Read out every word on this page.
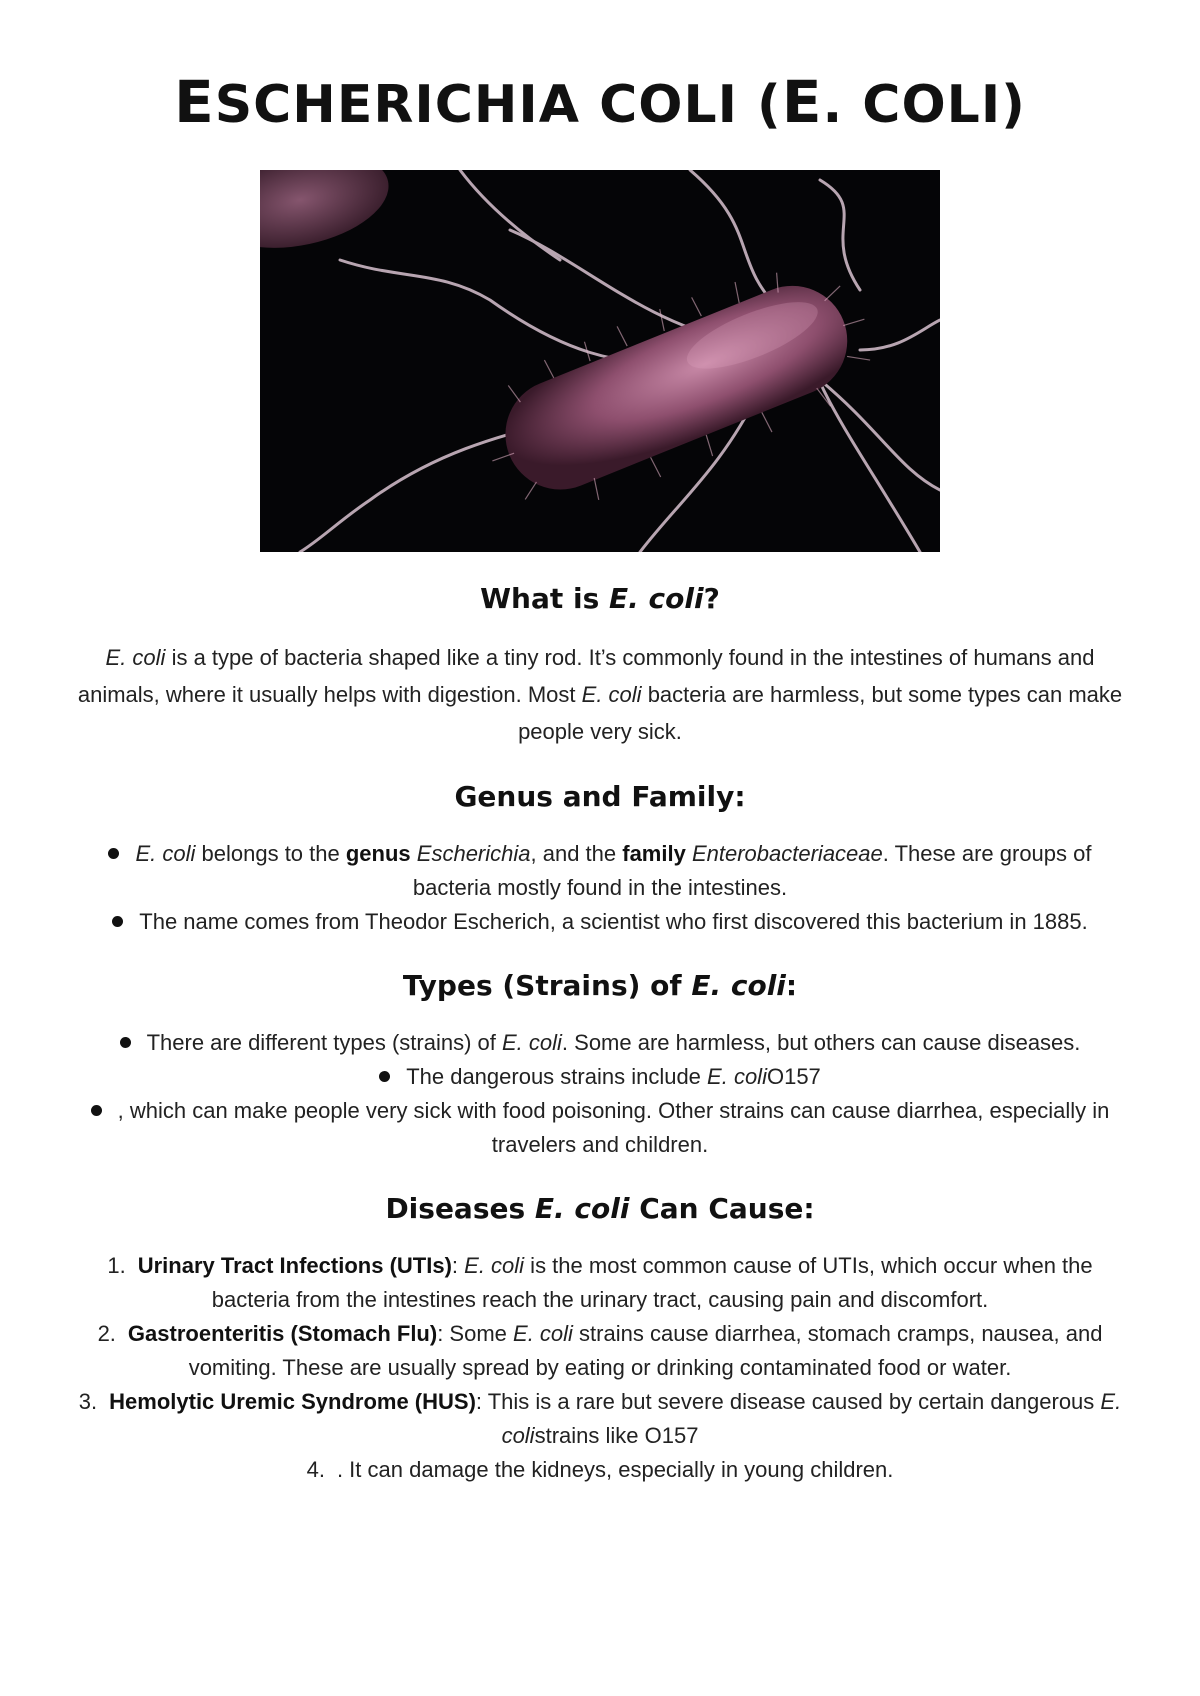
ESCHERICHIA COLI (E. COLI)
What is E. coli?

E. coli is a type of bacteria shaped like a tiny rod. It’s commonly found in the intestines of humans and animals, where it usually helps with digestion. Most E. coli bacteria are harmless, but some types can make people very sick.

Genus and Family:
E. coli belongs to the genus Escherichia, and the family Enterobacteriaceae. These are groups of bacteria mostly found in the intestines.
The name comes from Theodor Escherich, a scientist who first discovered this bacterium in 1885.
Types (Strains) of E. coli:
There are different types (strains) of E. coli. Some are harmless, but others can cause diseases.
The dangerous strains include E. coliO157
, which can make people very sick with food poisoning. Other strains can cause diarrhea, especially in travelers and children.
Diseases E. coli Can Cause:
1. Urinary Tract Infections (UTIs): E. coli is the most common cause of UTIs, which occur when the bacteria from the intestines reach the urinary tract, causing pain and discomfort.
2. Gastroenteritis (Stomach Flu): Some E. coli strains cause diarrhea, stomach cramps, nausea, and vomiting. These are usually spread by eating or drinking contaminated food or water.
3. Hemolytic Uremic Syndrome (HUS): This is a rare but severe disease caused by certain dangerous E. colistrains like O157
4. . It can damage the kidneys, especially in young children.
